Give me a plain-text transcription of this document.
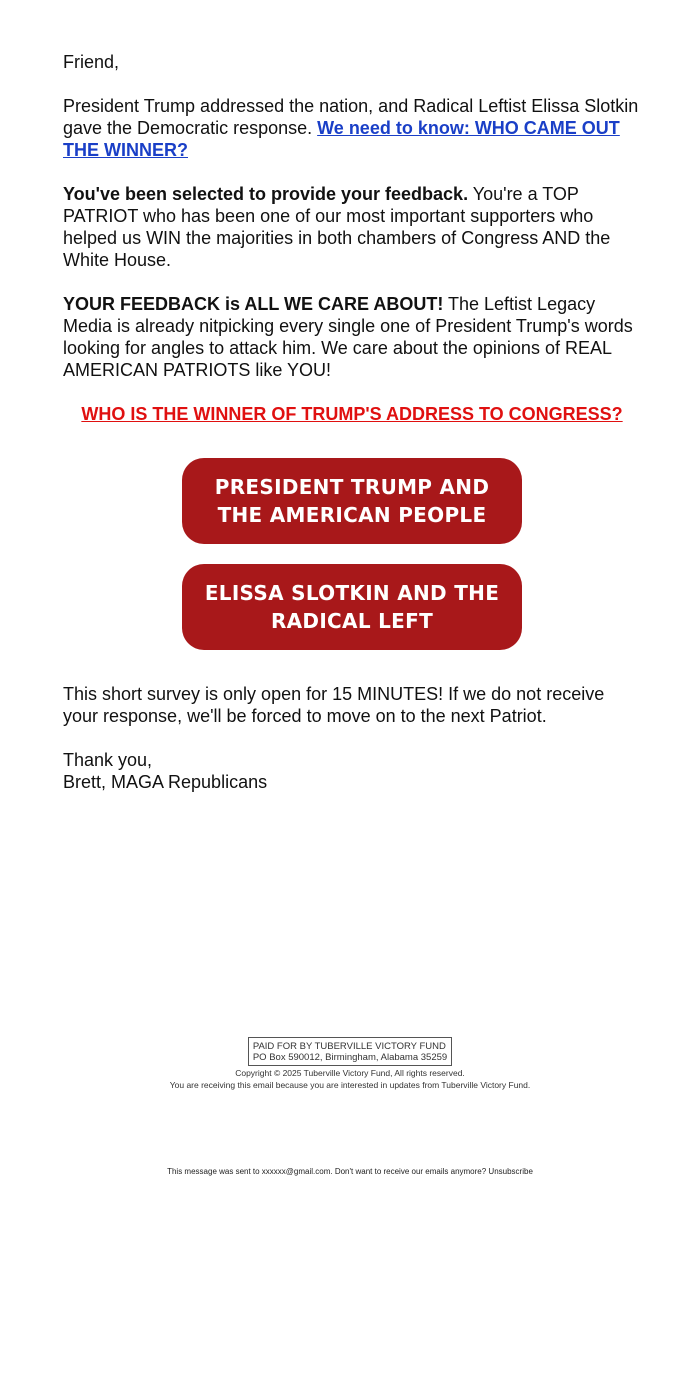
Friend,

President Trump addressed the nation, and Radical Leftist Elissa Slotkin gave the Democratic response. We need to know: WHO CAME OUT THE WINNER?

You've been selected to provide your feedback. You're a TOP PATRIOT who has been one of our most important supporters who helped us WIN the majorities in both chambers of Congress AND the White House.

YOUR FEEDBACK is ALL WE CARE ABOUT! The Leftist Legacy Media is already nitpicking every single one of President Trump's words looking for angles to attack him. We care about the opinions of REAL AMERICAN PATRIOTS like YOU!

WHO IS THE WINNER OF TRUMP'S ADDRESS TO CONGRESS?
PRESIDENT TRUMP AND
THE AMERICAN PEOPLE
ELISSA SLOTKIN AND THE
RADICAL LEFT

This short survey is only open for 15 MINUTES! If we do not receive your response, we'll be forced to move on to the next Patriot.

Thank you,

Brett, MAGA Republicans

PAID FOR BY TUBERVILLE VICTORY FUND
PO Box 590012, Birmingham, Alabama 35259
Copyright © 2025 Tuberville Victory Fund, All rights reserved.
You are receiving this email because you are interested in updates from Tuberville Victory Fund.
This message was sent to xxxxxx@gmail.com. Don't want to receive our emails anymore? Unsubscribe
